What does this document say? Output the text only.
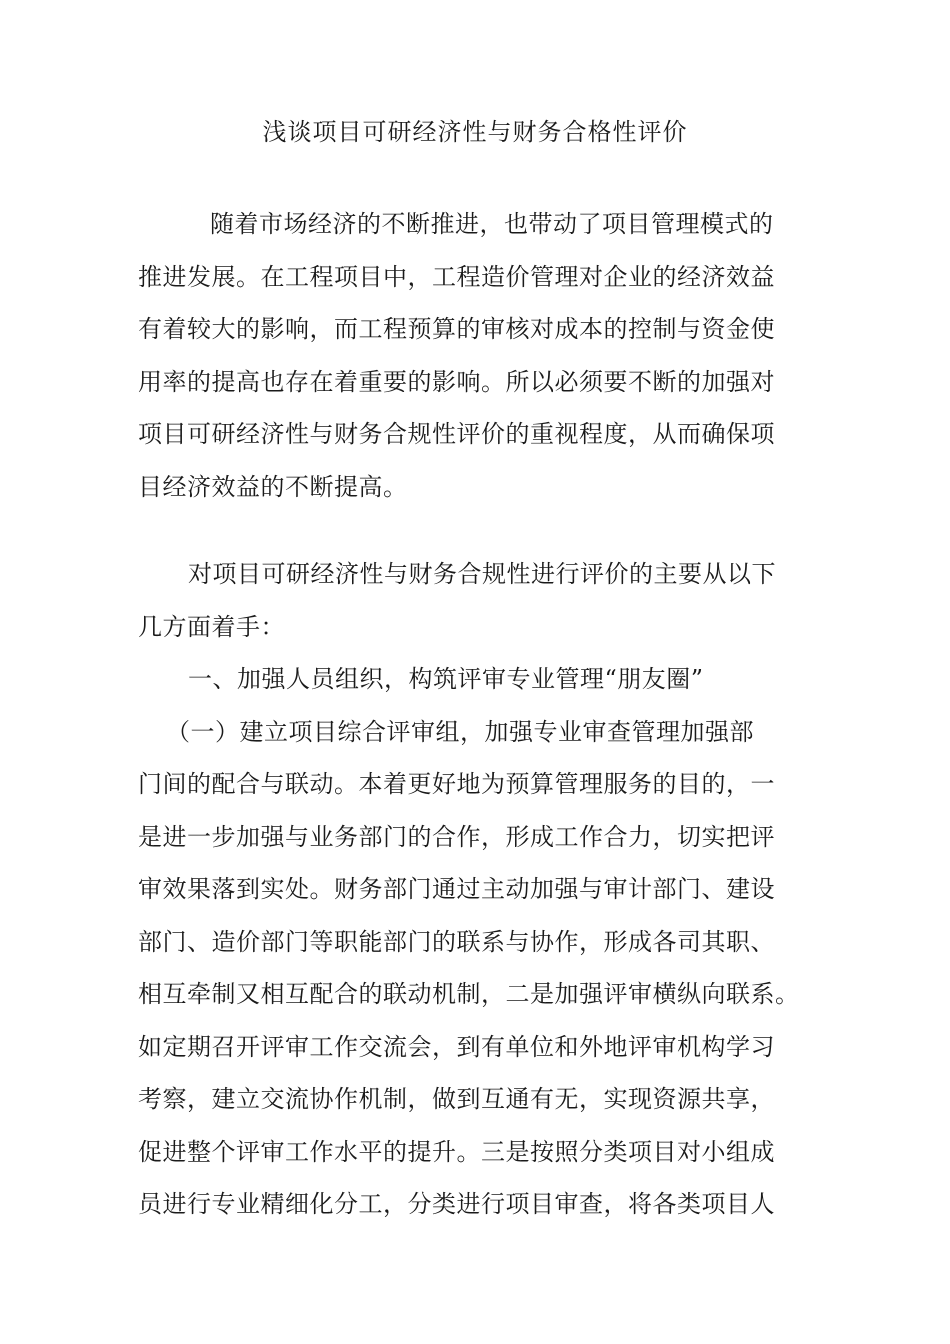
浅谈项目可研经济性与财务合格性评价
随着市场经济的不断推进，也带动了项目管理模式的
推进发展。在工程项目中，工程造价管理对企业的经济效益
有着较大的影响，而工程预算的审核对成本的控制与资金使
用率的提高也存在着重要的影响。所以必须要不断的加强对
项目可研经济性与财务合规性评价的重视程度，从而确保项
目经济效益的不断提高。
对项目可研经济性与财务合规性进行评价的主要从以下
几方面着手：
一、加强人员组织，构筑评审专业管理“朋友圈”
（一）建立项目综合评审组，加强专业审查管理加强部
门间的配合与联动。本着更好地为预算管理服务的目的，一
是进一步加强与业务部门的合作，形成工作合力，切实把评
审效果落到实处。财务部门通过主动加强与审计部门、建设
部门、造价部门等职能部门的联系与协作，形成各司其职、
相互牵制又相互配合的联动机制，二是加强评审横纵向联系。
如定期召开评审工作交流会，到有单位和外地评审机构学习
考察，建立交流协作机制，做到互通有无，实现资源共享，
促进整个评审工作水平的提升。三是按照分类项目对小组成
员进行专业精细化分工，分类进行项目审查，将各类项目人
